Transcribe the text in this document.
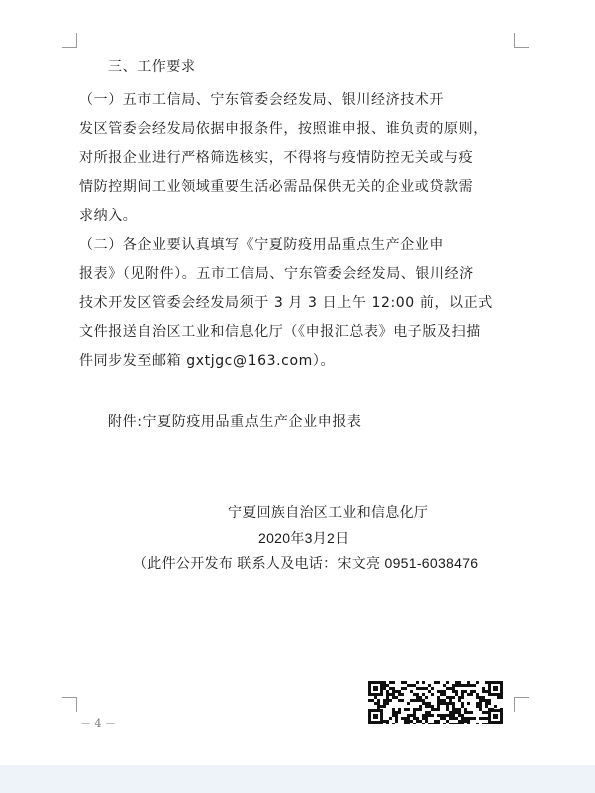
三、工作要求
（一）五市工信局、宁东管委会经发局、银川经济技术开
发区管委会经发局依据申报条件，按照谁申报、谁负责的原则，
对所报企业进行严格筛选核实，不得将与疫情防控无关或与疫
情防控期间工业领域重要生活必需品保供无关的企业或贷款需
求纳入。
（二）各企业要认真填写《宁夏防疫用品重点生产企业申
报表》（见附件）。五市工信局、宁东管委会经发局、银川经济
技术开发区管委会经发局须于 3 月 3 日上午 12:00 前，以正式
文件报送自治区工业和信息化厅（《申报汇总表》电子版及扫描
件同步发至邮箱 gxtjgc@163.com）。
附件:宁夏防疫用品重点生产企业申报表
宁夏回族自治区工业和信息化厅
2020年3月2日
（此件公开发布 联系人及电话：宋文亮 0951-6038476
－ 4 －
